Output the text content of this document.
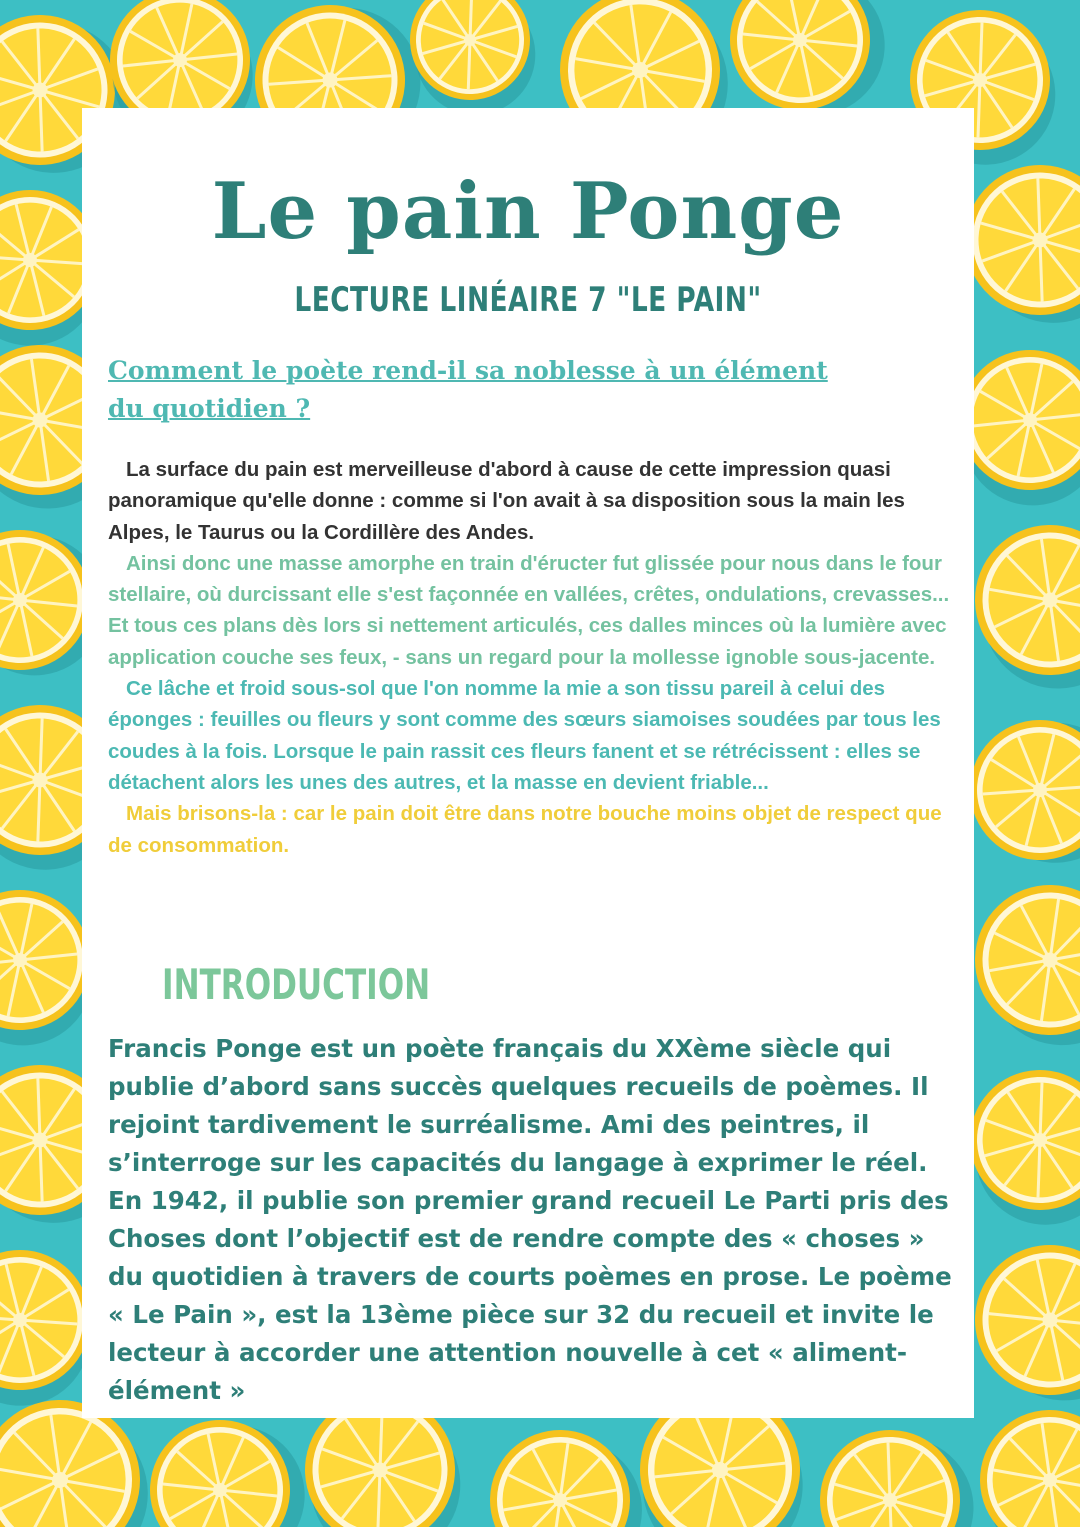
Le pain Ponge
LECTURE LINÉAIRE 7 "LE PAIN"
Comment le poète rend-il sa noblesse à un élément du quotidien ?

La surface du pain est merveilleuse d'abord à cause de cette impression quasi panoramique qu'elle donne : comme si l'on avait à sa disposition sous la main les Alpes, le Taurus ou la Cordillère des Andes.

Ainsi donc une masse amorphe en train d'éructer fut glissée pour nous dans le four stellaire, où durcissant elle s'est façonnée en vallées, crêtes, ondulations, crevasses... Et tous ces plans dès lors si nettement articulés, ces dalles minces où la lumière avec application couche ses feux, - sans un regard pour la mollesse ignoble sous-jacente.

Ce lâche et froid sous-sol que l'on nomme la mie a son tissu pareil à celui des éponges : feuilles ou fleurs y sont comme des sœurs siamoises soudées par tous les coudes à la fois. Lorsque le pain rassit ces fleurs fanent et se rétrécissent : elles se détachent alors les unes des autres, et la masse en devient friable...

Mais brisons-la : car le pain doit être dans notre bouche moins objet de respect que de consommation.

INTRODUCTION

Francis Ponge est un poète français du XXème siècle qui publie d’abord sans succès quelques recueils de poèmes. Il rejoint tardivement le surréalisme. Ami des peintres, il s’interroge sur les capacités du langage à exprimer le réel. En 1942, il publie son premier grand recueil Le Parti pris des Choses dont l’objectif est de rendre compte des « choses » du quotidien à travers de courts poèmes en prose. Le poème « Le Pain », est la 13ème pièce sur 32 du recueil et invite le lecteur à accorder une attention nouvelle à cet « aliment-élément »
